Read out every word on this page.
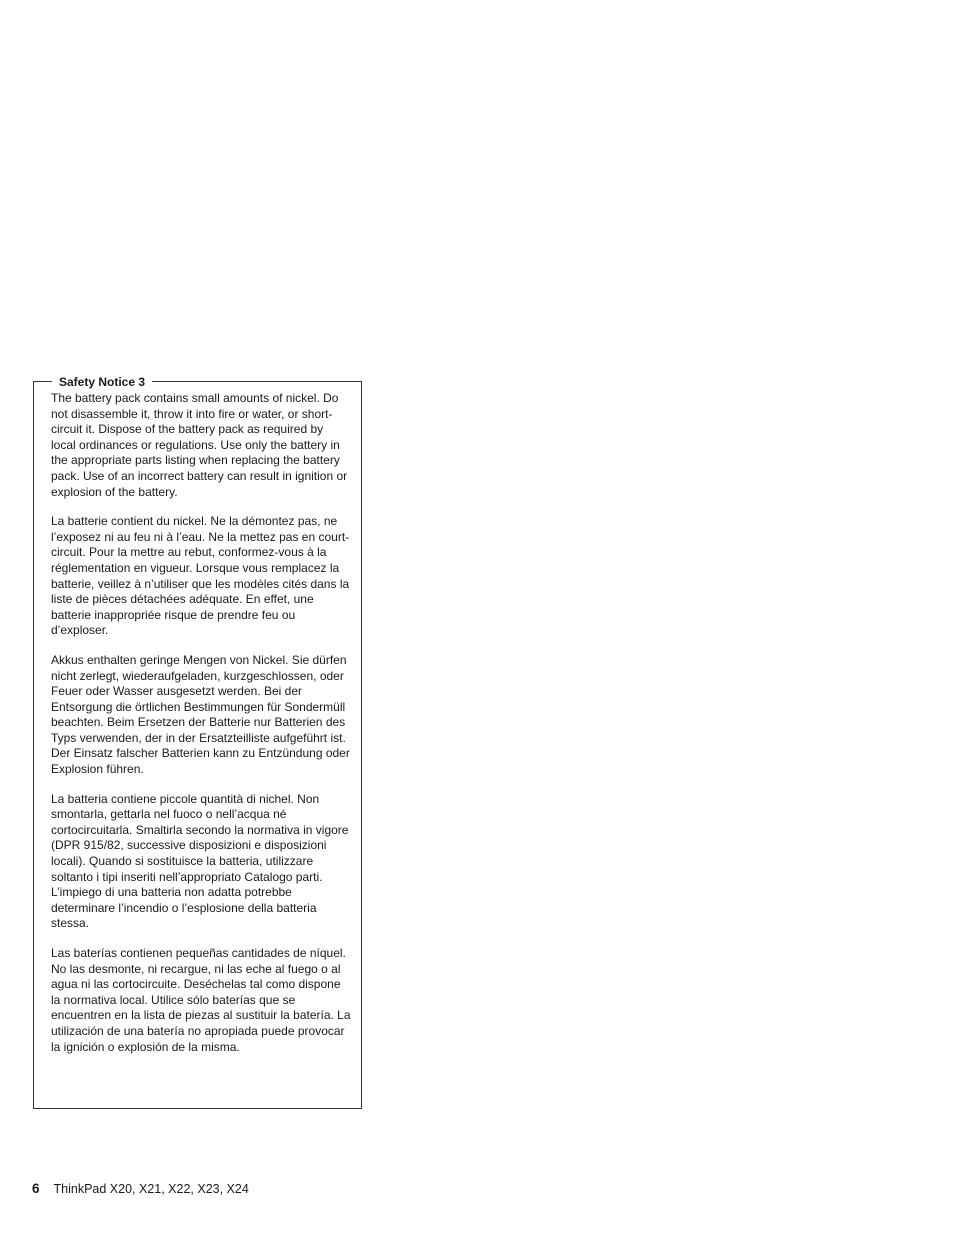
Safety Notice 3

The battery pack contains small amounts of nickel. Do not disassemble it, throw it into fire or water, or short-circuit it. Dispose of the battery pack as required by local ordinances or regulations. Use only the battery in the appropriate parts listing when replacing the battery pack. Use of an incorrect battery can result in ignition or explosion of the battery.

La batterie contient du nickel. Ne la démontez pas, ne l’exposez ni au feu ni à l’eau. Ne la mettez pas en court-circuit. Pour la mettre au rebut, conformez-vous à la réglementation en vigueur. Lorsque vous remplacez la batterie, veillez à n’utiliser que les modèles cités dans la liste de pièces détachées adéquate. En effet, une batterie inappropriée risque de prendre feu ou d’exploser.

Akkus enthalten geringe Mengen von Nickel. Sie dürfen nicht zerlegt, wiederaufgeladen, kurzgeschlossen, oder Feuer oder Wasser ausgesetzt werden. Bei der Entsorgung die örtlichen Bestimmungen für Sondermüll beachten. Beim Ersetzen der Batterie nur Batterien des Typs verwenden, der in der Ersatzteilliste aufgeführt ist. Der Einsatz falscher Batterien kann zu Entzündung oder Explosion führen.

La batteria contiene piccole quantità di nichel. Non smontarla, gettarla nel fuoco o nell’acqua né cortocircuitarla. Smaltirla secondo la normativa in vigore (DPR 915/82, successive disposizioni e disposizioni locali). Quando si sostituisce la batteria, utilizzare soltanto i tipi inseriti nell’appropriato Catalogo parti. L’impiego di una batteria non adatta potrebbe determinare l’incendio o l’esplosione della batteria stessa.

Las baterías contienen pequeñas cantidades de níquel. No las desmonte, ni recargue, ni las eche al fuego o al agua ni las cortocircuite. Deséchelas tal como dispone la normativa local. Utilice sólo baterías que se encuentren en la lista de piezas al sustituir la batería. La utilización de una batería no apropiada puede provocar la ignición o explosión de la misma.

6 ThinkPad X20, X21, X22, X23, X24
